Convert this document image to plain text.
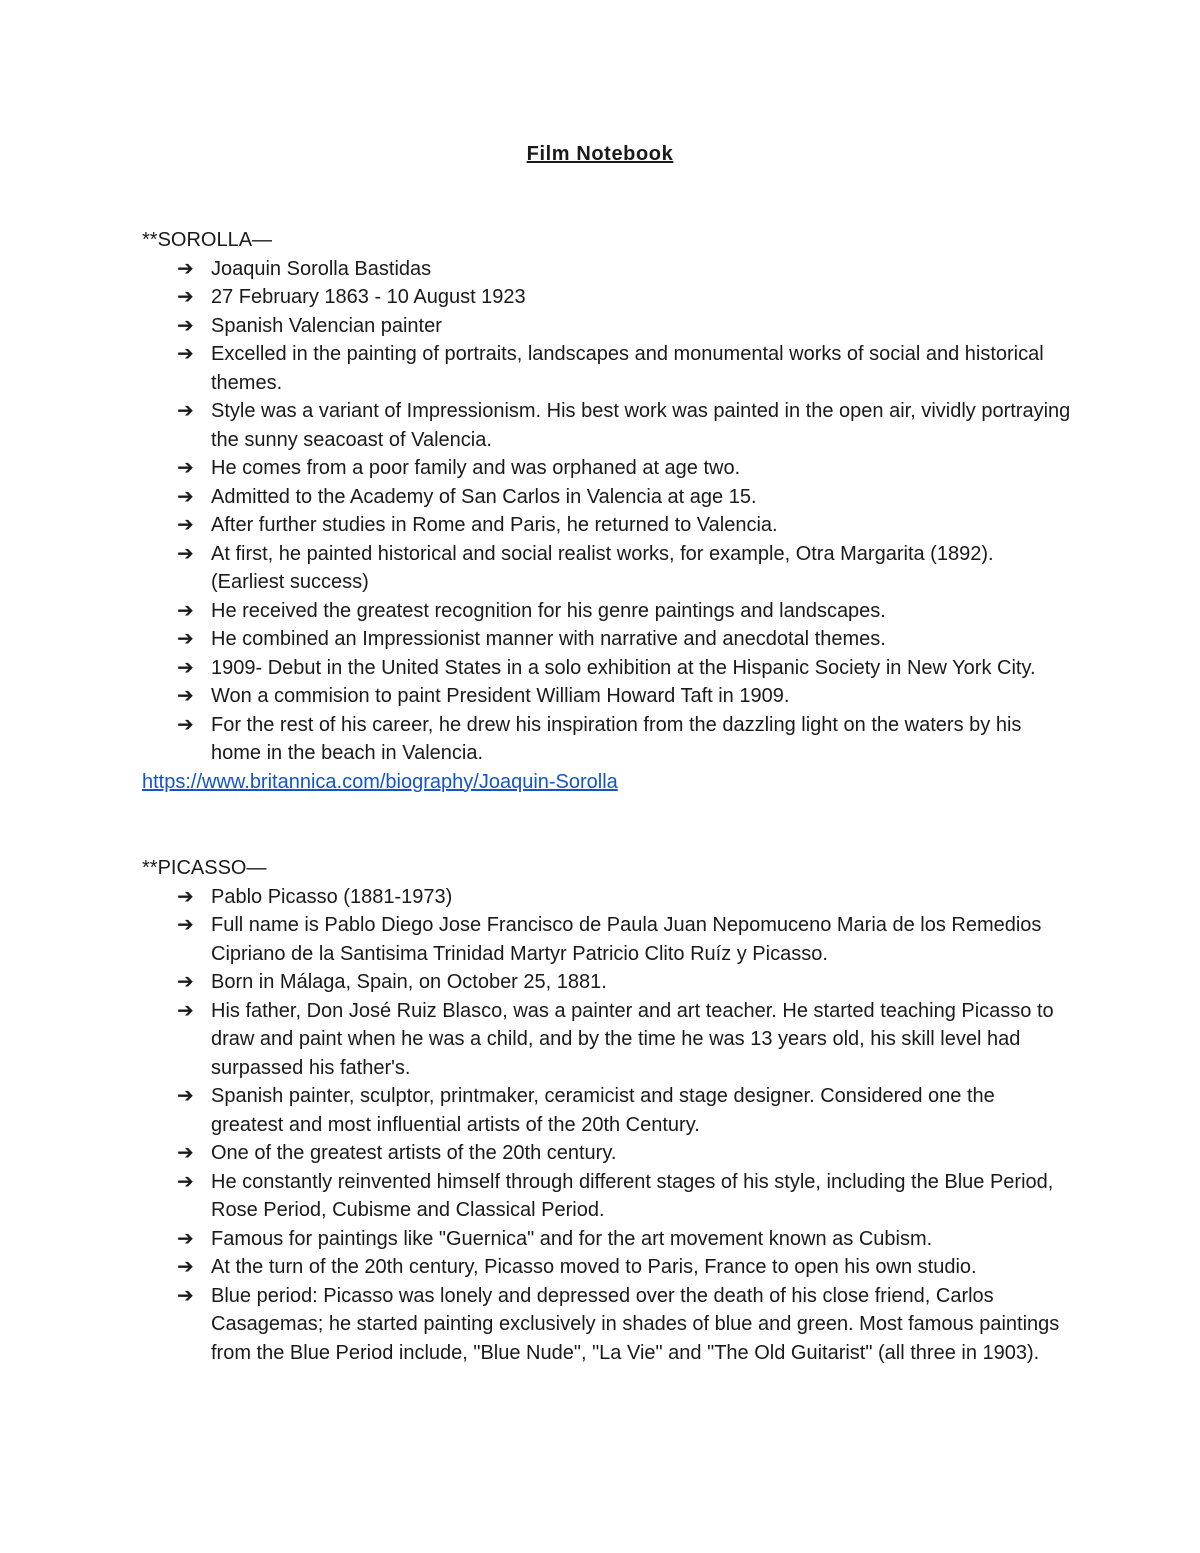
Film Notebook

**SOROLLA—

➔ Joaquin Sorolla Bastidas
➔ 27 February 1863 - 10 August 1923
➔ Spanish Valencian painter
➔ Excelled in the painting of portraits, landscapes and monumental works of social and historical themes.
➔ Style was a variant of Impressionism. His best work was painted in the open air, vividly portraying the sunny seacoast of Valencia.
➔ He comes from a poor family and was orphaned at age two.
➔ Admitted to the Academy of San Carlos in Valencia at age 15.
➔ After further studies in Rome and Paris, he returned to Valencia.
➔ At first, he painted historical and social realist works, for example, Otra Margarita (1892). (Earliest success)
➔ He received the greatest recognition for his genre paintings and landscapes.
➔ He combined an Impressionist manner with narrative and anecdotal themes.
➔ 1909- Debut in the United States in a solo exhibition at the Hispanic Society in New York City.
➔ Won a commision to paint President William Howard Taft in 1909.
➔ For the rest of his career, he drew his inspiration from the dazzling light on the waters by his home in the beach in Valencia.
https://www.britannica.com/biography/Joaquin-Sorolla

**PICASSO—

➔ Pablo Picasso (1881-1973)
➔ Full name is Pablo Diego Jose Francisco de Paula Juan Nepomuceno Maria de los Remedios Cipriano de la Santisima Trinidad Martyr Patricio Clito Ruíz y Picasso.
➔ Born in Málaga, Spain, on October 25, 1881.
➔ His father, Don José Ruiz Blasco, was a painter and art teacher. He started teaching Picasso to draw and paint when he was a child, and by the time he was 13 years old, his skill level had surpassed his father's.
➔ Spanish painter, sculptor, printmaker, ceramicist and stage designer. Considered one the greatest and most influential artists of the 20th Century.
➔ One of the greatest artists of the 20th century.
➔ He constantly reinvented himself through different stages of his style, including the Blue Period, Rose Period, Cubisme and Classical Period.
➔ Famous for paintings like "Guernica" and for the art movement known as Cubism.
➔ At the turn of the 20th century, Picasso moved to Paris, France to open his own studio.
➔ Blue period: Picasso was lonely and depressed over the death of his close friend, Carlos Casagemas; he started painting exclusively in shades of blue and green. Most famous paintings from the Blue Period include, "Blue Nude", "La Vie" and "The Old Guitarist" (all three in 1903).
